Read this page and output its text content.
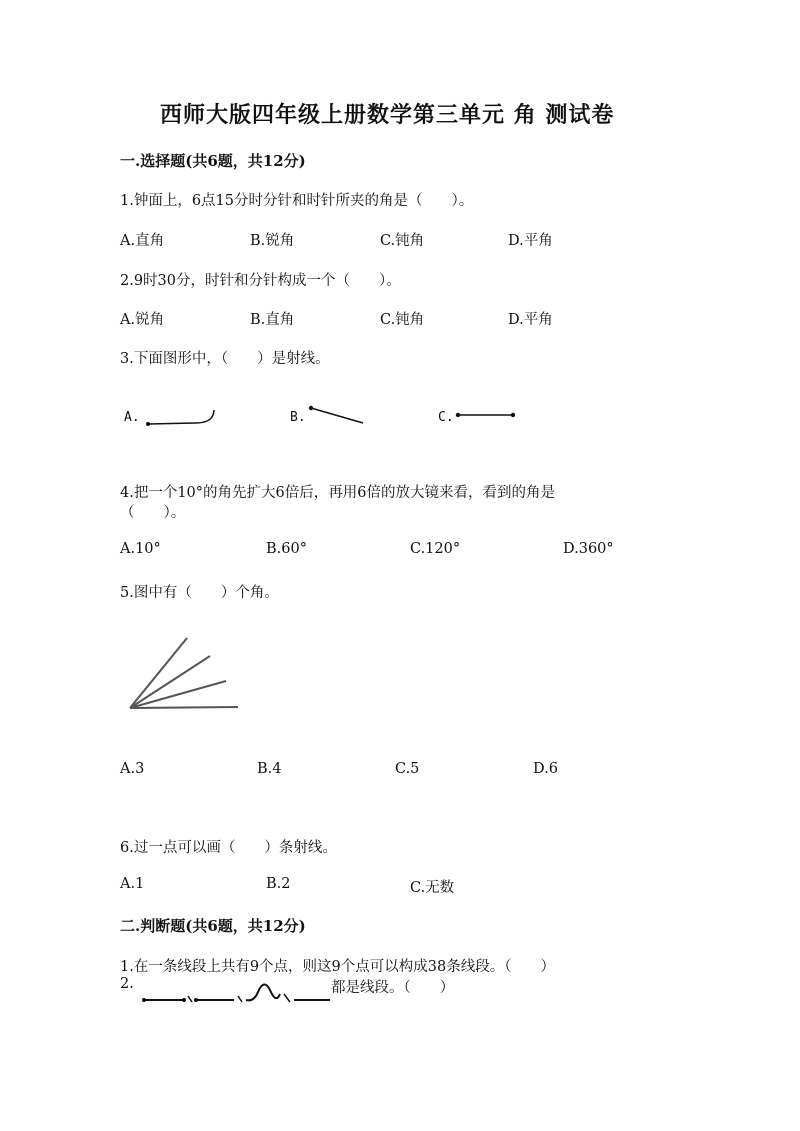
西师大版四年级上册数学第三单元 角 测试卷
一.选择题(共6题，共12分)
1.钟面上，6点15分时分针和时针所夹的角是（　　）。
A.直角	B.锐角	C.钝角	D.平角
2.9时30分，时针和分针构成一个（　　）。
A.锐角	B.直角	C.钝角	D.平角
3.下面图形中，（　　）是射线。
A.	B.	C.
4.把一个10°的角先扩大6倍后，再用6倍的放大镜来看，看到的角是
（　　）。
A.10°	B.60°	C.120°	D.360°
5.图中有（　　）个角。
A.3	B.4	C.5	D.6
6.过一点可以画（　　）条射线。
A.1	B.2	C.无数
二.判断题(共6题，共12分)
1.在一条线段上共有9个点，则这9个点可以构成38条线段。（　　）
2.	都是线段。（　　）
